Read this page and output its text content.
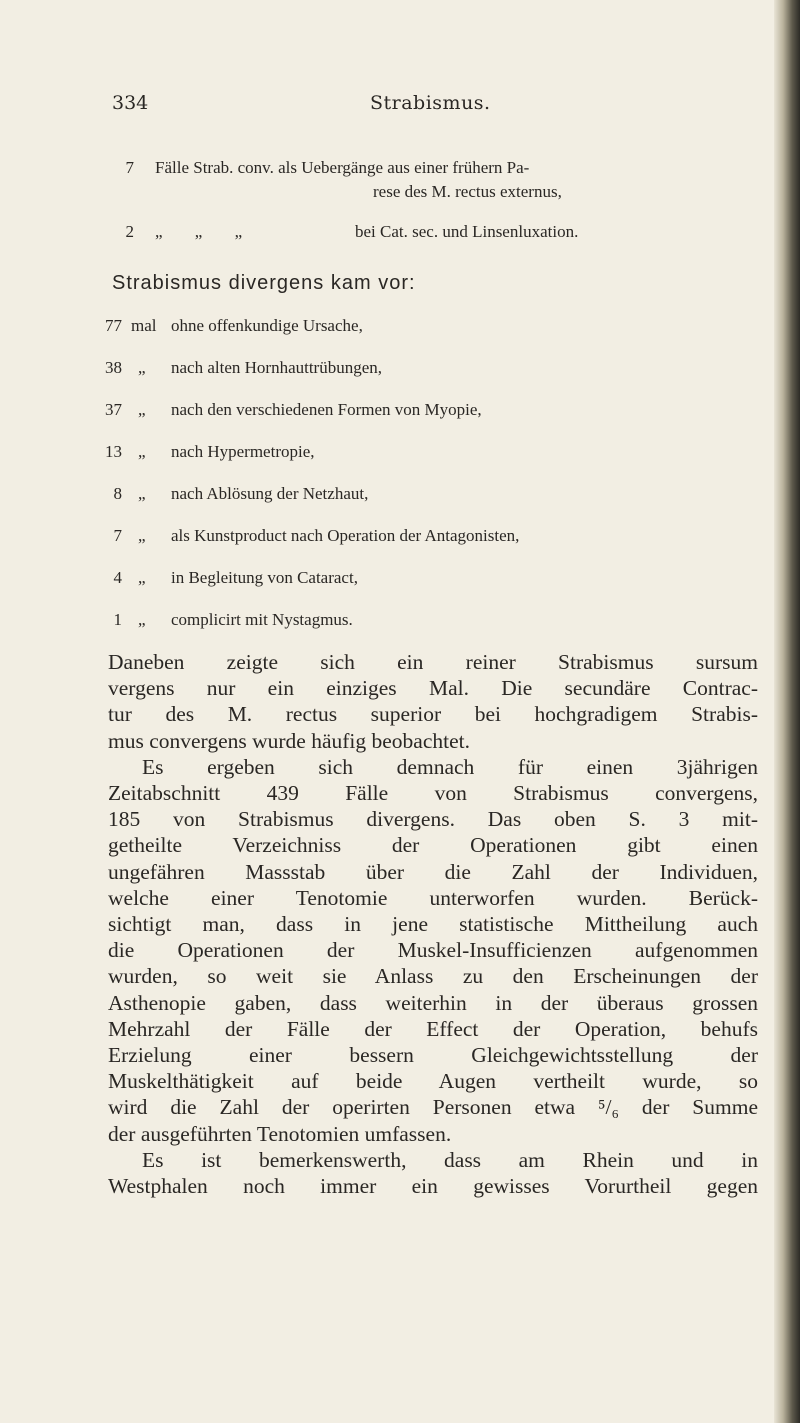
334	Strabismus.
7 Fälle Strab. conv. als Uebergänge aus einer frühern Pa-
rese des M. rectus externus,
2 „ „ „	bei Cat. sec. und Linsenluxation.
Strabismus divergens kam vor:
77 mal ohne offenkundige Ursache,
38 „ nach alten Hornhauttrübungen,
37 „ nach den verschiedenen Formen von Myopie,
13 „ nach Hypermetropie,
8 „ nach Ablösung der Netzhaut,
7 „ als Kunstproduct nach Operation der Antagonisten,
4 „ in Begleitung von Cataract,
1 „ complicirt mit Nystagmus.
Daneben zeigte sich ein reiner Strabismus sursum
vergens nur ein einziges Mal. Die secundäre Contrac-
tur des M. rectus superior bei hochgradigem Strabis-
mus convergens wurde häufig beobachtet.
Es ergeben sich demnach für einen 3jährigen
Zeitabschnitt 439 Fälle von Strabismus convergens,
185 von Strabismus divergens. Das oben S. 3 mit-
getheilte Verzeichniss der Operationen gibt einen
ungefähren Massstab über die Zahl der Individuen,
welche einer Tenotomie unterworfen wurden. Berück-
sichtigt man, dass in jene statistische Mittheilung auch
die Operationen der Muskel-Insufficienzen aufgenommen
wurden, so weit sie Anlass zu den Erscheinungen der
Asthenopie gaben, dass weiterhin in der überaus grossen
Mehrzahl der Fälle der Effect der Operation, behufs
Erzielung einer bessern Gleichgewichtsstellung der
Muskelthätigkeit auf beide Augen vertheilt wurde, so
wird die Zahl der operirten Personen etwa ⁵/₆ der Summe
der ausgeführten Tenotomien umfassen.
Es ist bemerkenswerth, dass am Rhein und in
Westphalen noch immer ein gewisses Vorurtheil gegen
